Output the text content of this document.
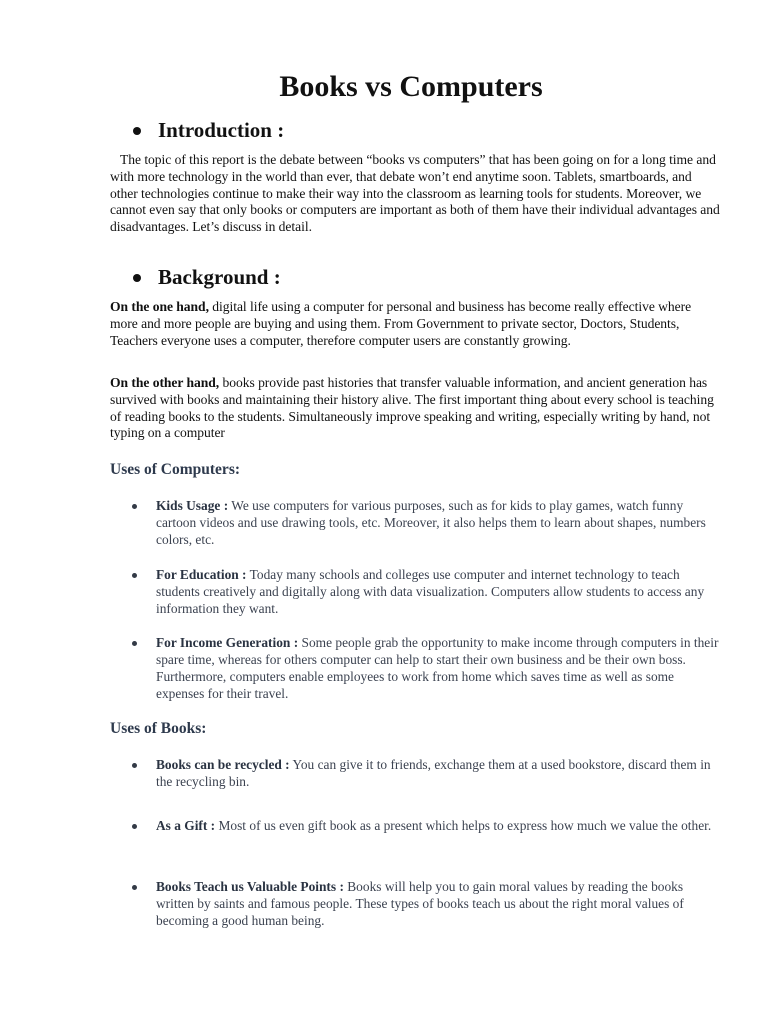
Books vs Computers
Introduction :

The topic of this report is the debate between “books vs computers” that has been going on for a long time and with more technology in the world than ever, that debate won’t end anytime soon. Tablets, smartboards, and other technologies continue to make their way into the classroom as learning tools for students. Moreover, we cannot even say that only books or computers are important as both of them have their individual advantages and disadvantages. Let’s discuss in detail.

Background :

On the one hand, digital life using a computer for personal and business has become really effective where more and more people are buying and using them. From Government to private sector, Doctors, Students, Teachers everyone uses a computer, therefore computer users are constantly growing.

On the other hand, books provide past histories that transfer valuable information, and ancient generation has survived with books and maintaining their history alive. The first important thing about every school is teaching of reading books to the students. Simultaneously improve speaking and writing, especially writing by hand, not typing on a computer

Uses of Computers:
Kids Usage : We use computers for various purposes, such as for kids to play games, watch funny cartoon videos and use drawing tools, etc. Moreover, it also helps them to learn about shapes, numbers colors, etc.
For Education : Today many schools and colleges use computer and internet technology to teach students creatively and digitally along with data visualization. Computers allow students to access any information they want.
For Income Generation : Some people grab the opportunity to make income through computers in their spare time, whereas for others computer can help to start their own business and be their own boss. Furthermore, computers enable employees to work from home which saves time as well as some expenses for their travel.
Uses of Books:
Books can be recycled : You can give it to friends, exchange them at a used bookstore, discard them in the recycling bin.
As a Gift : Most of us even gift book as a present which helps to express how much we value the other.
Books Teach us Valuable Points : Books will help you to gain moral values by reading the books written by saints and famous people. These types of books teach us about the right moral values of becoming a good human being.
